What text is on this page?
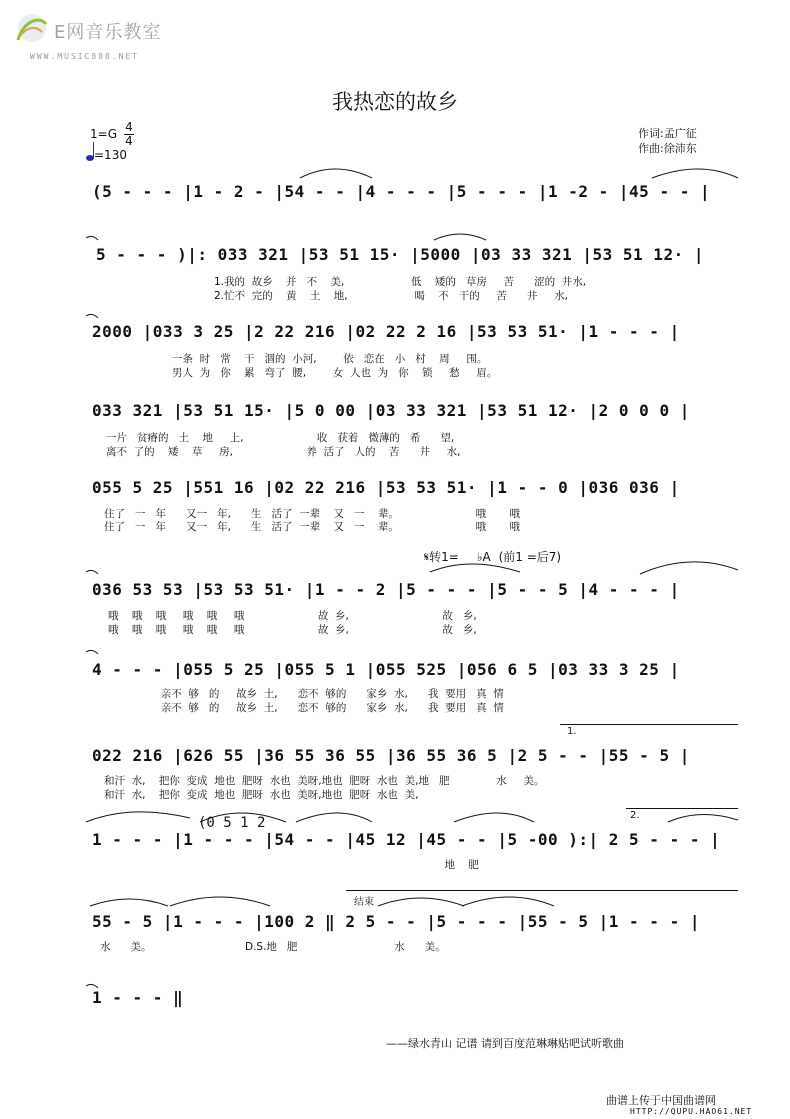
E网音乐教室
WWW.MUSIC888.NET
我热恋的故乡
1=G 4
4
=130
作词:孟广征
作曲:徐沛东
(5 - - - |1 - 2 - |54 - - |4 - - - |5 - - - |1 -2 - |45 - - |
5 - - - )|: 033 321 |53 51 15· |5000 |03 33 321 |53 51 12· |
1.我的  故乡    并   不    美,                    低    矮的   草房     苦      涩的  井水,
2.忙不  完的    黄    土    地,                    喝    不   干的     苦      井     水,
2000 |033 3 25 |2 22 216 |02 22 2 16 |53 53 51· |1 - - - |
一条  时   常    干   涸的  小河,        依   恋在   小   村    周     围。
男人  为   你    累   弯了  腰,        女  人也  为   你    锁     愁     眉。
033 321 |53 51 15· |5 0 00 |03 33 321 |53 51 12· |2 0 0 0 |
一片   贫瘠的   土    地     上,                      收   获着   微薄的   希      望,
离不  了的    矮    草     房,                      养  活了   人的    苦      井     水,
055 5 25 |551 16 |02 22 216 |53 53 51· |1 - - 0 |036 036 |
住了   一   年      又一   年,      生   活了  一辈    又   一    辈。                       哦       哦
住了   一   年      又一   年,      生   活了  一辈    又   一    辈。                       哦       哦
𝄋转1= ♭A (前1 =后7)
036 53 53 |53 53 51· |1 - - 2 |5 - - - |5 - - 5 |4 - - - |
哦    哦    哦     哦    哦     哦                      故  乡,                            故   乡,
哦    哦    哦     哦    哦     哦                      故  乡,                            故   乡,
4 - - - |055 5 25 |055 5 1 |055 525 |056 6 5 |03 33 3 25 |
亲不  够   的     故乡  土,      恋不  够的      家乡  水,      我  要用   真  情
亲不  够   的     故乡  土,      恋不  够的      家乡  水,      我  要用   真  情
1.
022 216 |626 55 |36 55 36 55 |36 55 36 5 |2 5 - - |55 - 5 |
和汗  水,    把你  变成  地也  肥呀  水也  美呀,地也  肥呀  水也  美,地   肥              水     美。
和汗  水,    把你  变成  地也  肥呀  水也  美呀,地也  肥呀  水也  美,
(0 5 1 2	2.
1 - - - |1 - - - |54 - - |45 12 |45 - - |5 -00 ):| 2 5 - - - |
地    肥
结束
55 - 5 |1 - - - |100 2 ‖ 2 5 - - |5 - - - |55 - 5 |1 - - - |
水      美。                            D.S.地   肥                             水      美。
1 - - - ‖
——绿水青山 记谱 请到百度范琳琳贴吧试听歌曲
曲谱上传于中国曲谱网
HTTP://QUPU.HAO61.NET
